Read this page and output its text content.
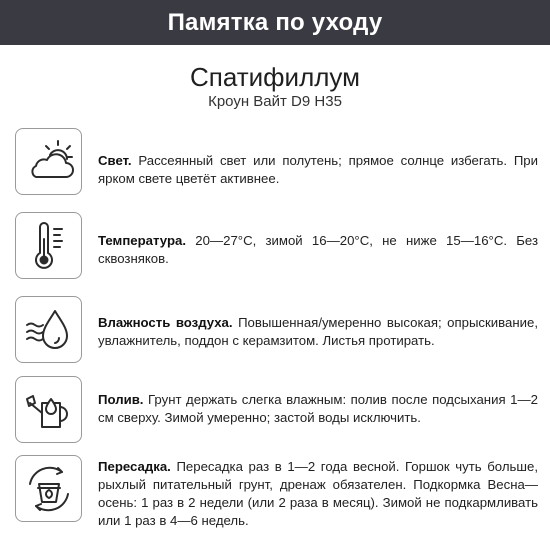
Памятка по уходу
Спатифиллум
Кроун Вайт D9 H35
Свет. Рассеянный свет или полутень; прямое солнце избегать. При ярком свете цветёт активнее.
Температура. 20—27°C, зимой 16—20°C, не ниже 15—16°C. Без сквозняков.
Влажность воздуха. Повышенная/умеренно высокая; опрыскивание, увлажнитель, поддон с керамзитом. Листья протирать.
Полив. Грунт держать слегка влажным: полив после подсыхания 1—2 см сверху. Зимой умеренно; застой воды исключить.
Пересадка. Пересадка раз в 1—2 года весной. Горшок чуть больше, рыхлый питательный грунт, дренаж обязателен. Подкормка Весна—осень: 1 раз в 2 недели (или 2 раза в месяц). Зимой не подкармливать или 1 раз в 4—6 недель.
